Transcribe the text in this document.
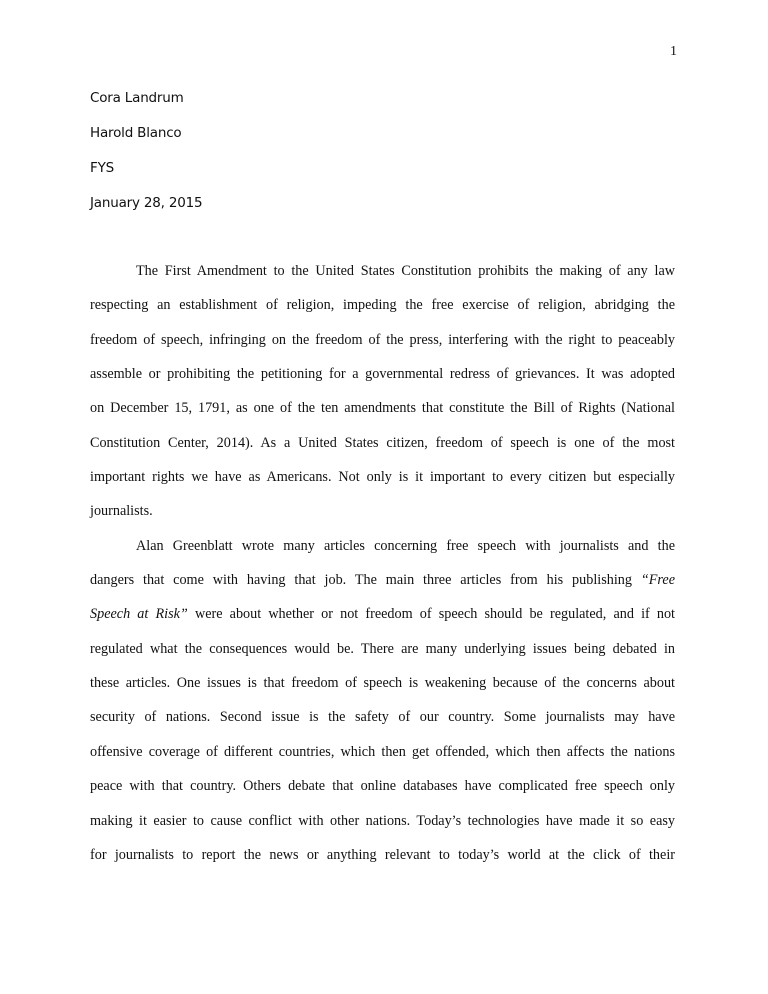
1
Cora Landrum
Harold Blanco
FYS
January 28, 2015
The First Amendment to the United States Constitution prohibits the making of any law
respecting an establishment of religion, impeding the free exercise of religion, abridging the
freedom of speech, infringing on the freedom of the press, interfering with the right to peaceably
assemble or prohibiting the petitioning for a governmental redress of grievances. It was adopted
on December 15, 1791, as one of the ten amendments that constitute the Bill of Rights (National
Constitution Center, 2014). As a United States citizen, freedom of speech is one of the most
important rights we have as Americans. Not only is it important to every citizen but especially
journalists.
Alan Greenblatt wrote many articles concerning free speech with journalists and the
dangers that come with having that job. The main three articles from his publishing “Free
Speech at Risk” were about whether or not freedom of speech should be regulated, and if not
regulated what the consequences would be. There are many underlying issues being debated in
these articles. One issues is that freedom of speech is weakening because of the concerns about
security of nations. Second issue is the safety of our country. Some journalists may have
offensive coverage of different countries, which then get offended, which then affects the nations
peace with that country. Others debate that online databases have complicated free speech only
making it easier to cause conflict with other nations. Today’s technologies have made it so easy
for journalists to report the news or anything relevant to today’s world at the click of their
